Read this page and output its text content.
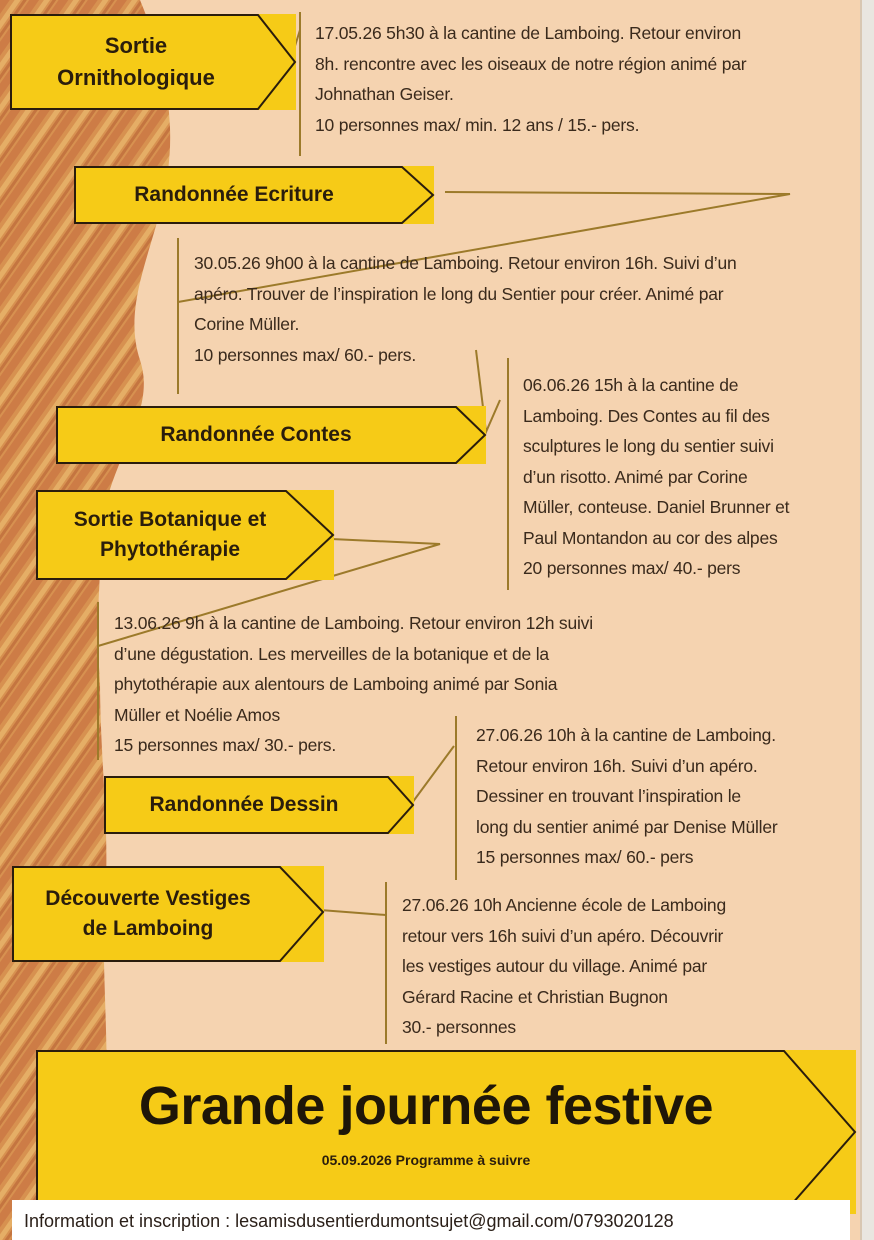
Sortie
Ornithologique

17.05.26 5h30 à la cantine de Lamboing. Retour environ

8h. rencontre avec les oiseaux de notre région animé par

Johnathan Geiser.

10 personnes max/ min. 12 ans / 15.- pers.

Randonnée Ecriture

30.05.26 9h00 à la cantine de Lamboing. Retour environ 16h. Suivi d’un

apéro. Trouver de l’inspiration le long du Sentier pour créer. Animé par

Corine Müller.

10 personnes max/ 60.- pers.

Randonnée Contes

06.06.26 15h à la cantine de

Lamboing. Des Contes au fil des

sculptures le long du sentier suivi

d’un risotto. Animé par Corine

Müller, conteuse. Daniel Brunner et

Paul Montandon au cor des alpes

20 personnes max/ 40.- pers

Sortie Botanique et
Phytothérapie

13.06.26 9h à la cantine de Lamboing. Retour environ 12h suivi

d’une dégustation. Les merveilles de la botanique et de la

phytothérapie aux alentours de Lamboing animé par Sonia

Müller et Noélie Amos

15 personnes max/ 30.- pers.

Randonnée Dessin

27.06.26 10h à la cantine de Lamboing.

Retour environ 16h. Suivi d’un apéro.

Dessiner en trouvant l’inspiration le

long du sentier animé par Denise Müller

15 personnes max/ 60.- pers

Découverte Vestiges
de Lamboing

27.06.26 10h Ancienne école de Lamboing

retour vers 16h suivi d’un apéro. Découvrir

les vestiges autour du village. Animé par

Gérard Racine et Christian Bugnon

30.- personnes

Grande journée festive
05.09.2026 Programme à suivre
Information et inscription : lesamisdusentierdumontsujet@gmail.com/0793020128
